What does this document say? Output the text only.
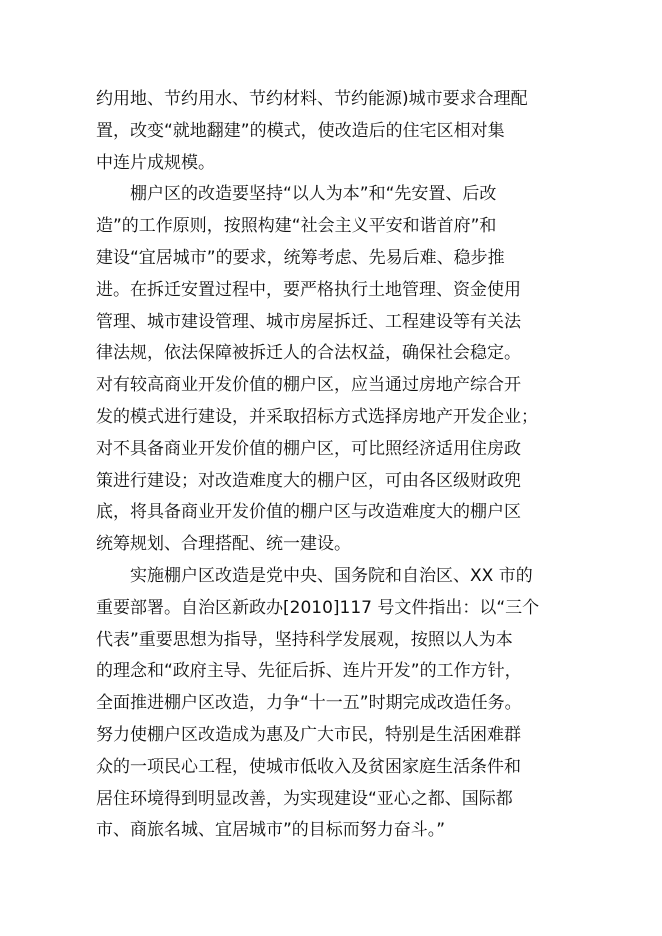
约用地、节约用水、节约材料、节约能源)城市要求合理配
置，改变“就地翻建”的模式，使改造后的住宅区相对集
中连片成规模。
棚户区的改造要坚持“以人为本”和“先安置、后改
造”的工作原则，按照构建“社会主义平安和谐首府”和
建设“宜居城市”的要求，统筹考虑、先易后难、稳步推
进。在拆迁安置过程中，要严格执行土地管理、资金使用
管理、城市建设管理、城市房屋拆迁、工程建设等有关法
律法规，依法保障被拆迁人的合法权益，确保社会稳定。
对有较高商业开发价值的棚户区，应当通过房地产综合开
发的模式进行建设，并采取招标方式选择房地产开发企业；
对不具备商业开发价值的棚户区，可比照经济适用住房政
策进行建设；对改造难度大的棚户区，可由各区级财政兜
底，将具备商业开发价值的棚户区与改造难度大的棚户区
统筹规划、合理搭配、统一建设。
实施棚户区改造是党中央、国务院和自治区、XX 市的
重要部署。自治区新政办[2010]117 号文件指出：以“三个
代表”重要思想为指导，坚持科学发展观，按照以人为本
的理念和“政府主导、先征后拆、连片开发”的工作方针，
全面推进棚户区改造，力争“十一五”时期完成改造任务。
努力使棚户区改造成为惠及广大市民，特别是生活困难群
众的一项民心工程，使城市低收入及贫困家庭生活条件和
居住环境得到明显改善，为实现建设“亚心之都、国际都
市、商旅名城、宜居城市”的目标而努力奋斗。”
